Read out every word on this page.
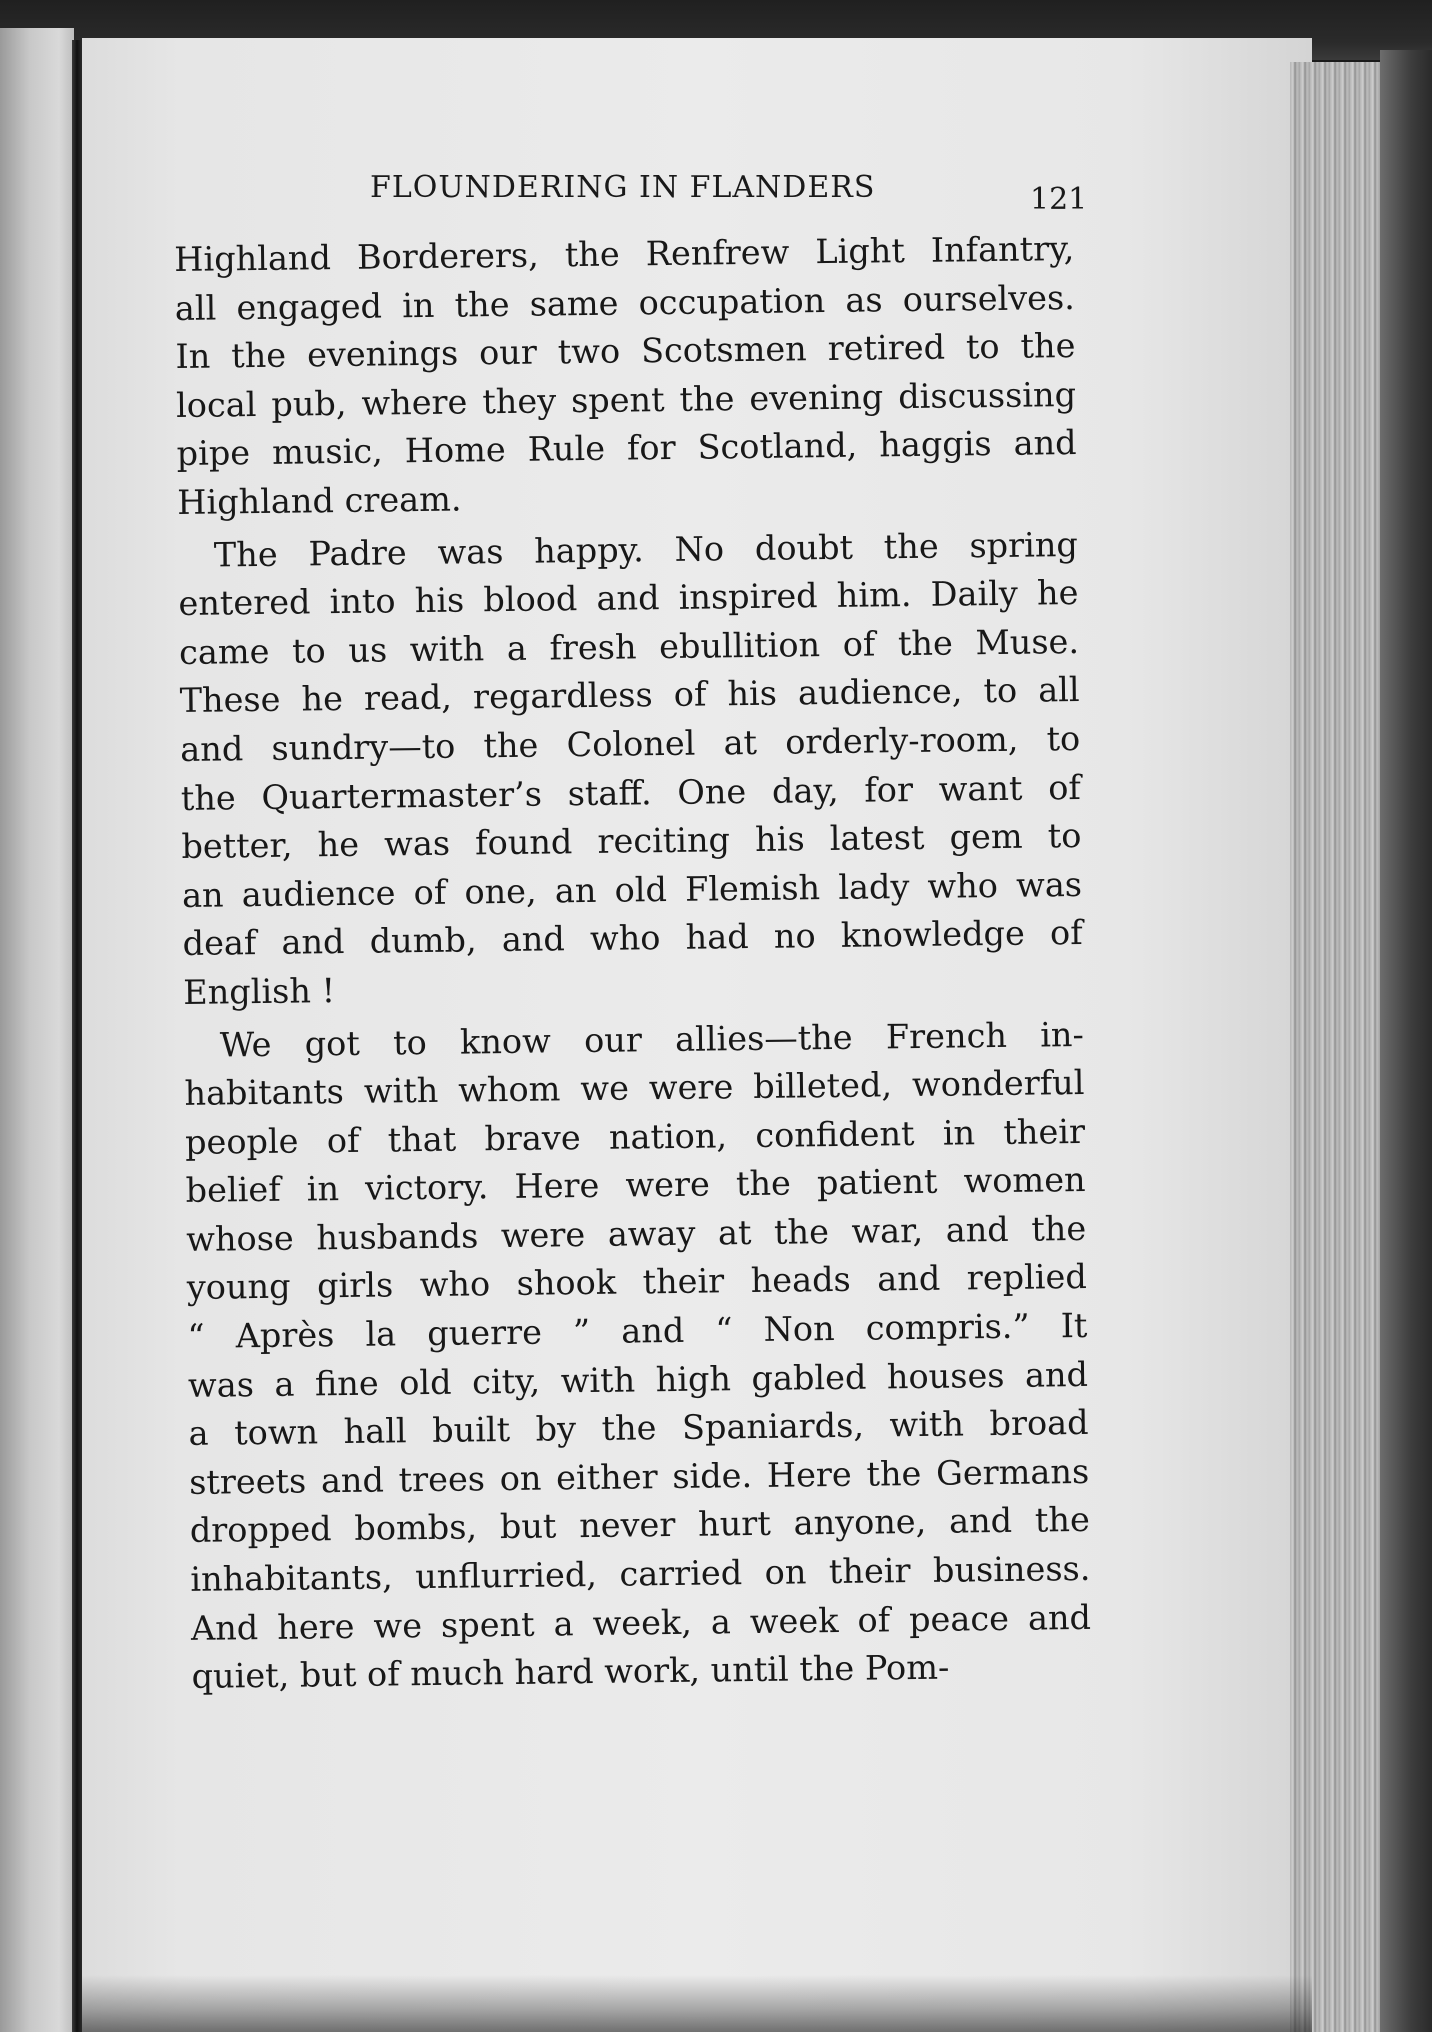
FLOUNDERING IN FLANDERS	121
Highland Borderers, the Renfrew Light Infantry,
all engaged in the same occupation as ourselves.
In the evenings our two Scotsmen retired to the
local pub, where they spent the evening discussing
pipe music, Home Rule for Scotland, haggis and
Highland cream.
The Padre was happy. No doubt the spring
entered into his blood and inspired him. Daily he
came to us with a fresh ebullition of the Muse.
These he read, regardless of his audience, to all
and sundry—to the Colonel at orderly-room, to
the Quartermaster’s staff. One day, for want of
better, he was found reciting his latest gem to
an audience of one, an old Flemish lady who was
deaf and dumb, and who had no knowledge of
English !
We got to know our allies—the French in-
habitants with whom we were billeted, wonderful
people of that brave nation, confident in their
belief in victory. Here were the patient women
whose husbands were away at the war, and the
young girls who shook their heads and replied
“ Après la guerre ” and “ Non compris.” It
was a fine old city, with high gabled houses and
a town hall built by the Spaniards, with broad
streets and trees on either side. Here the Germans
dropped bombs, but never hurt anyone, and the
inhabitants, unflurried, carried on their business.
And here we spent a week, a week of peace and
quiet, but of much hard work, until the Pom-
